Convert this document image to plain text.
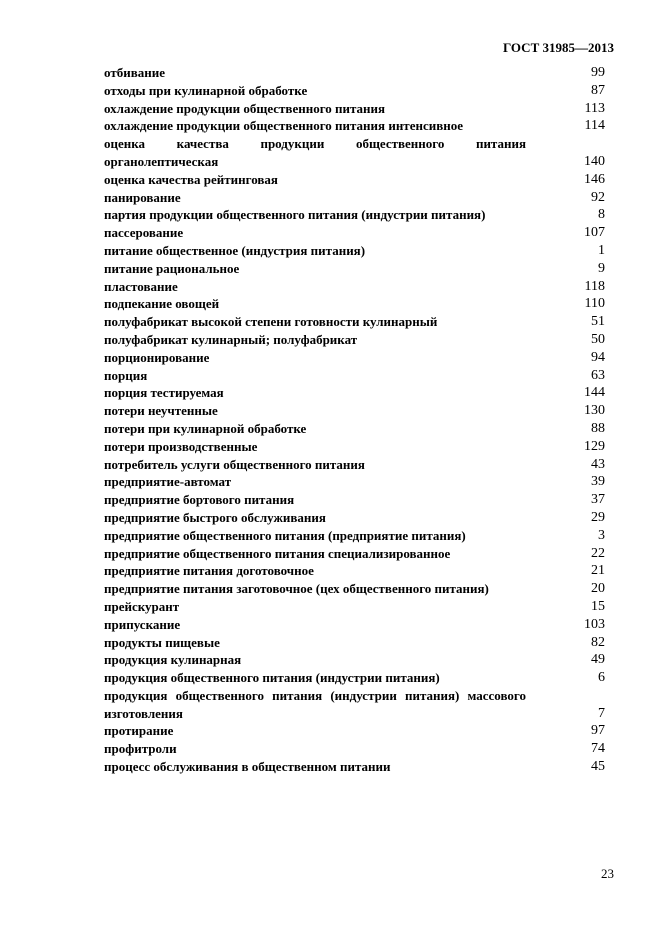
ГОСТ 31985—2013
отбивание	99
отходы при кулинарной обработке	87
охлаждение продукции общественного питания	113
охлаждение продукции общественного питания интенсивное	114
оценка качества продукции общественного питания органолептическая	140
оценка качества рейтинговая	146
панирование	92
партия продукции общественного питания (индустрии питания)	8
пассерование	107
питание общественное (индустрия питания)	1
питание рациональное	9
пластование	118
подпекание овощей	110
полуфабрикат высокой степени готовности кулинарный	51
полуфабрикат кулинарный; полуфабрикат	50
порционирование	94
порция	63
порция тестируемая	144
потери неучтенные	130
потери при кулинарной обработке	88
потери производственные	129
потребитель услуги общественного питания	43
предприятие-автомат	39
предприятие бортового питания	37
предприятие быстрого обслуживания	29
предприятие общественного питания (предприятие питания)	3
предприятие общественного питания специализированное	22
предприятие питания доготовочное	21
предприятие питания заготовочное (цех общественного питания)	20
прейскурант	15
припускание	103
продукты пищевые	82
продукция кулинарная	49
продукция общественного питания (индустрии питания)	6
продукция общественного питания (индустрии питания) массового изготовления	7
протирание	97
профитроли	74
процесс обслуживания в общественном питании	45
23
